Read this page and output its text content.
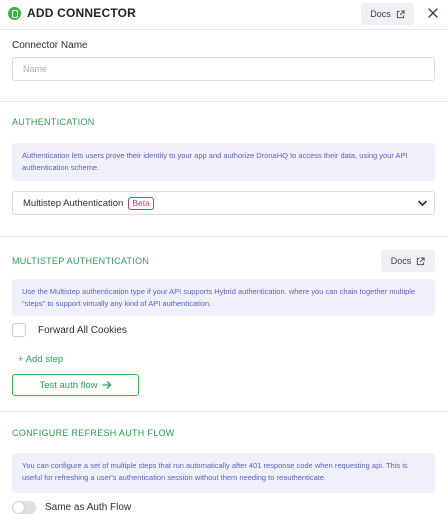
ADD CONNECTOR	Docs
Connector Name
Name
AUTHENTICATION
Authentication lets users prove their identity to your app and authorize DronaHQ to access their data, using your API authentication scheme.
Multistep Authentication	Beta
MULTISTEP AUTHENTICATION	Docs
Use the Multistep authentication type if your API supports Hybrid authentication. where you can chain together multiple "steps" to support virtually any kind of API authentication.
Forward All Cookies
+ Add step
Test auth flow
CONFIGURE REFRESH AUTH FLOW
You can configure a set of multiple steps that run automatically after 401 response code when requesting api. This is useful for refreshing a user's authentication session without them needing to reauthenticate.
Same as Auth Flow
